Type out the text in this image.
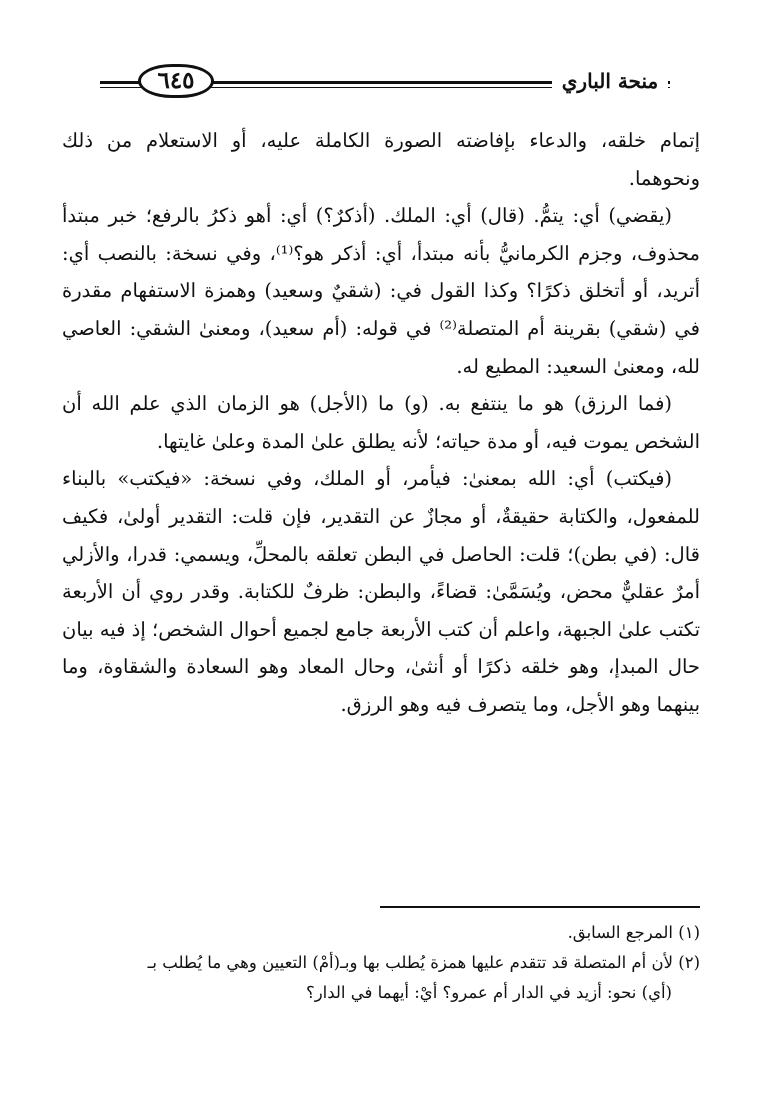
٦٤٥	منحة الباري

إتمام خلقه، والدعاء بإفاضته الصورة الكاملة عليه، أو الاستعلام من ذلك ونحوهما.

(يقضي) أي: يتمُّ. (قال) أي: الملك. (أذكرٌ؟) أي: أهو ذكرُ بالرفع؛ خبر مبتدأ محذوف، وجزم الكرمانيُّ بأنه مبتدأ، أي: أذكر هو؟⁽¹⁾، وفي نسخة: بالنصب أي: أتريد، أو أتخلق ذكرًا؟ وكذا القول في: (شقيٌ وسعيد) وهمزة الاستفهام مقدرة في (شقي) بقرينة أم المتصلة⁽²⁾ في قوله: (أم سعيد)، ومعنىٰ الشقي: العاصي لله، ومعنىٰ السعيد: المطيع له.

(فما الرزق) هو ما ينتفع به. (و) ما (الأجل) هو الزمان الذي علم الله أن الشخص يموت فيه، أو مدة حياته؛ لأنه يطلق علىٰ المدة وعلىٰ غايتها.

(فيكتب) أي: الله بمعنىٰ: فيأمر، أو الملك، وفي نسخة: «فيكتب» بالبناء للمفعول، والكتابة حقيقةٌ، أو مجازٌ عن التقدير، فإن قلت: التقدير أولىٰ، فكيف قال: (في بطن)؛ قلت: الحاصل في البطن تعلقه بالمحلِّ، ويسمي: قدرا، والأزلي أمرٌ عقليٌّ محض، ويُسَمَّىٰ: قضاءً، والبطن: ظرفٌ للكتابة. وقدر روي أن الأربعة تكتب علىٰ الجبهة، واعلم أن كتب الأربعة جامع لجميع أحوال الشخص؛ إذ فيه بيان حال المبدإ، وهو خلقه ذكرًا أو أنثىٰ، وحال المعاد وهو السعادة والشقاوة، وما بينهما وهو الأجل، وما يتصرف فيه وهو الرزق.

(١) المرجع السابق.

(٢) لأن أم المتصلة قد تتقدم عليها همزة يُطلب بها وبـ(أمْ) التعيين وهي ما يُطلب بـ

(أي) نحو: أزيد في الدار أم عمرو؟ أيْ: أيهما في الدار؟
